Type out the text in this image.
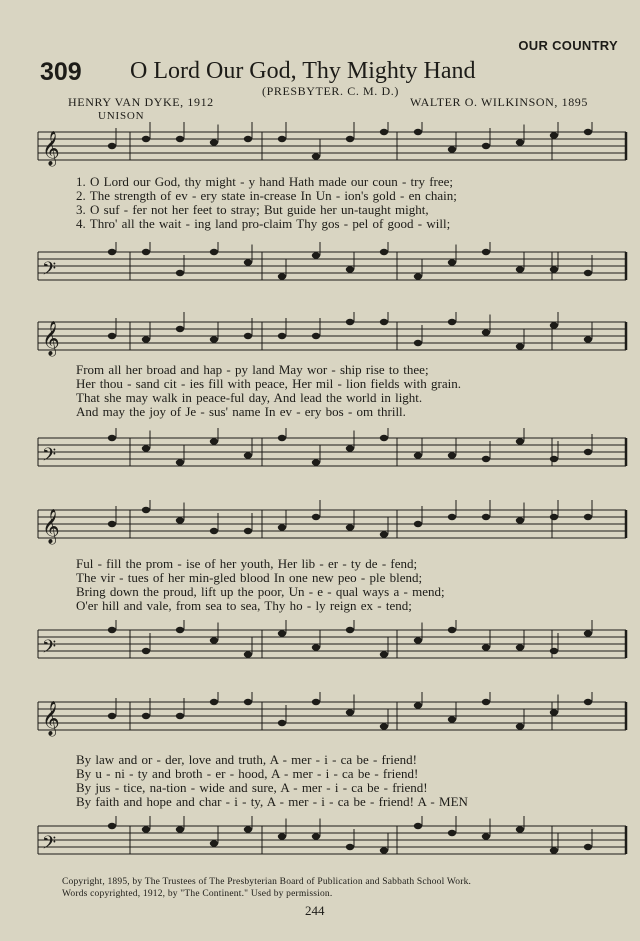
OUR COUNTRY
309 O Lord Our God, Thy Mighty Hand
(PRESBYTER. C. M. D.)
HENRY VAN DYKE, 1912	WALTER O. WILKINSON, 1895
UNISON
𝄞
1. O Lord our God, thy might - y hand Hath made our coun - try free;
2. The strength of ev - ery state in-crease In Un - ion's gold - en chain;
3. O suf - fer not her feet to stray; But guide her un-taught might,
4. Thro' all the wait - ing land pro-claim Thy gos - pel of good - will;
𝄢
𝄞
From all her broad and hap - py land May wor - ship rise to thee;
Her thou - sand cit - ies fill with peace, Her mil - lion fields with grain.
That she may walk in peace-ful day, And lead the world in light.
And may the joy of Je - sus' name In ev - ery bos - om thrill.
𝄢
𝄞
Ful - fill the prom - ise of her youth, Her lib - er - ty de - fend;
The vir - tues of her min-gled blood In one new peo - ple blend;
Bring down the proud, lift up the poor, Un - e - qual ways a - mend;
O'er hill and vale, from sea to sea, Thy ho - ly reign ex - tend;
𝄢
𝄞
By law and or - der, love and truth, A - mer - i - ca be - friend!
By u - ni - ty and broth - er - hood, A - mer - i - ca be - friend!
By jus - tice, na-tion - wide and sure, A - mer - i - ca be - friend!
By faith and hope and char - i - ty, A - mer - i - ca be - friend! A - MEN
𝄢
Copyright, 1895, by The Trustees of The Presbyterian Board of Publication and Sabbath School Work.
Words copyrighted, 1912, by "The Continent." Used by permission.
244
